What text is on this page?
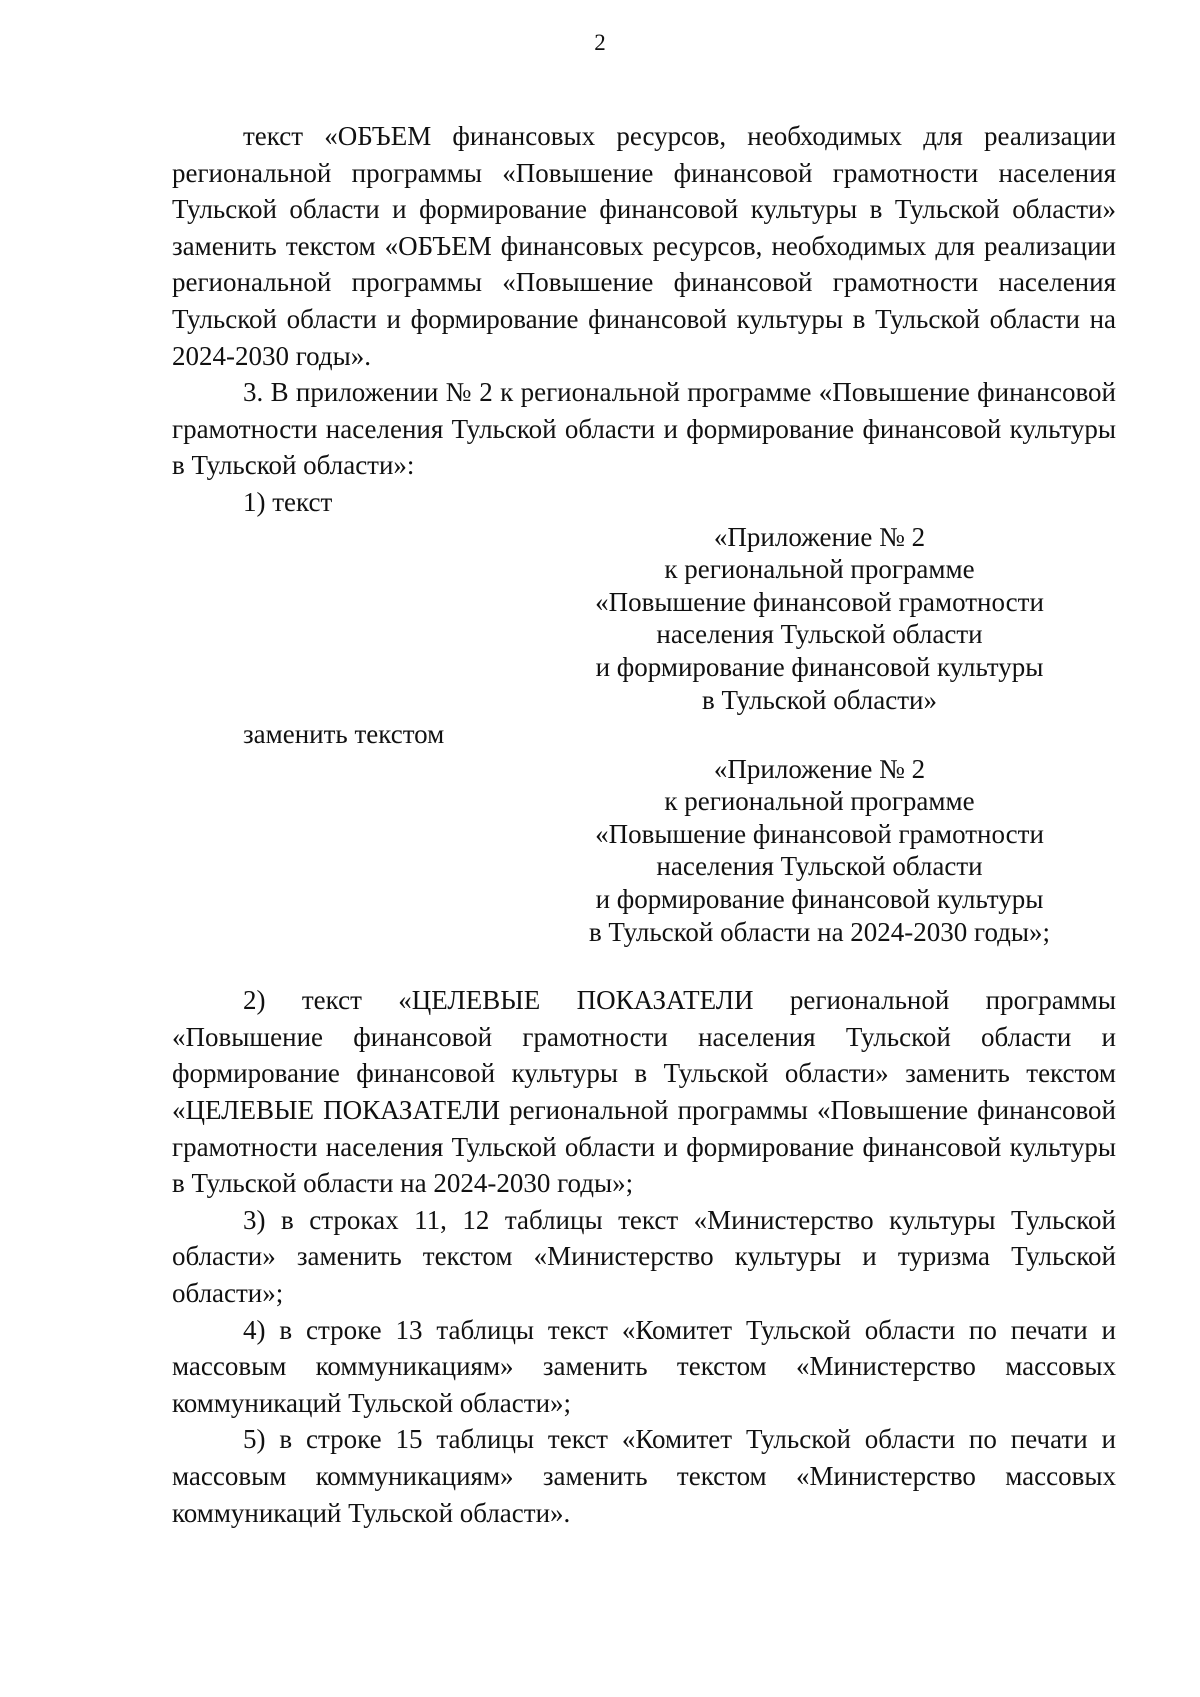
2

текст «ОБЪЕМ финансовых ресурсов, необходимых для реализации региональной программы «Повышение финансовой грамотности населения Тульской области и формирование финансовой культуры в Тульской области» заменить текстом «ОБЪЕМ финансовых ресурсов, необходимых для реализации региональной программы «Повышение финансовой грамотности населения Тульской области и формирование финансовой культуры в Тульской области на 2024-2030 годы».

3. В приложении № 2 к региональной программе «Повышение финансовой грамотности населения Тульской области и формирование финансовой культуры в Тульской области»:

1) текст

«Приложение № 2
к региональной программе
«Повышение финансовой грамотности
населения Тульской области
и формирование финансовой культуры
в Тульской области»

заменить текстом

«Приложение № 2
к региональной программе
«Повышение финансовой грамотности
населения Тульской области
и формирование финансовой культуры
в Тульской области на 2024-2030 годы»;

2) текст «ЦЕЛЕВЫЕ ПОКАЗАТЕЛИ региональной программы «Повышение финансовой грамотности населения Тульской области и формирование финансовой культуры в Тульской области» заменить текстом «ЦЕЛЕВЫЕ ПОКАЗАТЕЛИ региональной программы «Повышение финансовой грамотности населения Тульской области и формирование финансовой культуры в Тульской области на 2024-2030 годы»;

3) в строках 11, 12 таблицы текст «Министерство культуры Тульской области» заменить текстом «Министерство культуры и туризма Тульской области»;

4) в строке 13 таблицы текст «Комитет Тульской области по печати и массовым коммуникациям» заменить текстом «Министерство массовых коммуникаций Тульской области»;

5) в строке 15 таблицы текст «Комитет Тульской области по печати и массовым коммуникациям» заменить текстом «Министерство массовых коммуникаций Тульской области».
